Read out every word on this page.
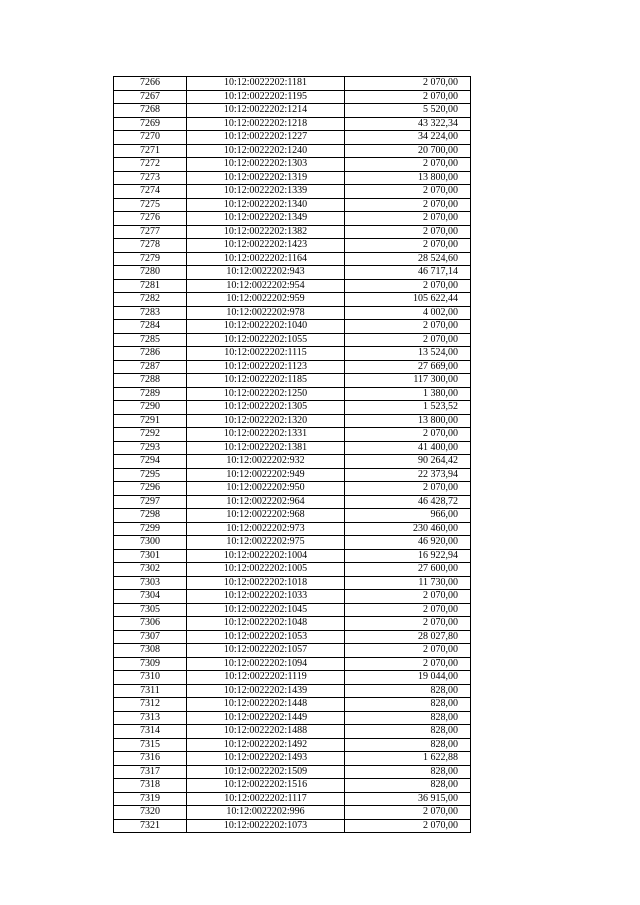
7266	10:12:0022202:1181	2 070,00
7267	10:12:0022202:1195	2 070,00
7268	10:12:0022202:1214	5 520,00
7269	10:12:0022202:1218	43 322,34
7270	10:12:0022202:1227	34 224,00
7271	10:12:0022202:1240	20 700,00
7272	10:12:0022202:1303	2 070,00
7273	10:12:0022202:1319	13 800,00
7274	10:12:0022202:1339	2 070,00
7275	10:12:0022202:1340	2 070,00
7276	10:12:0022202:1349	2 070,00
7277	10:12:0022202:1382	2 070,00
7278	10:12:0022202:1423	2 070,00
7279	10:12:0022202:1164	28 524,60
7280	10:12:0022202:943	46 717,14
7281	10:12:0022202:954	2 070,00
7282	10:12:0022202:959	105 622,44
7283	10:12:0022202:978	4 002,00
7284	10:12:0022202:1040	2 070,00
7285	10:12:0022202:1055	2 070,00
7286	10:12:0022202:1115	13 524,00
7287	10:12:0022202:1123	27 669,00
7288	10:12:0022202:1185	117 300,00
7289	10:12:0022202:1250	1 380,00
7290	10:12:0022202:1305	1 523,52
7291	10:12:0022202:1320	13 800,00
7292	10:12:0022202:1331	2 070,00
7293	10:12:0022202:1381	41 400,00
7294	10:12:0022202:932	90 264,42
7295	10:12:0022202:949	22 373,94
7296	10:12:0022202:950	2 070,00
7297	10:12:0022202:964	46 428,72
7298	10:12:0022202:968	966,00
7299	10:12:0022202:973	230 460,00
7300	10:12:0022202:975	46 920,00
7301	10:12:0022202:1004	16 922,94
7302	10:12:0022202:1005	27 600,00
7303	10:12:0022202:1018	11 730,00
7304	10:12:0022202:1033	2 070,00
7305	10:12:0022202:1045	2 070,00
7306	10:12:0022202:1048	2 070,00
7307	10:12:0022202:1053	28 027,80
7308	10:12:0022202:1057	2 070,00
7309	10:12:0022202:1094	2 070,00
7310	10:12:0022202:1119	19 044,00
7311	10:12:0022202:1439	828,00
7312	10:12:0022202:1448	828,00
7313	10:12:0022202:1449	828,00
7314	10:12:0022202:1488	828,00
7315	10:12:0022202:1492	828,00
7316	10:12:0022202:1493	1 622,88
7317	10:12:0022202:1509	828,00
7318	10:12:0022202:1516	828,00
7319	10:12:0022202:1117	36 915,00
7320	10:12:0022202:996	2 070,00
7321	10:12:0022202:1073	2 070,00
